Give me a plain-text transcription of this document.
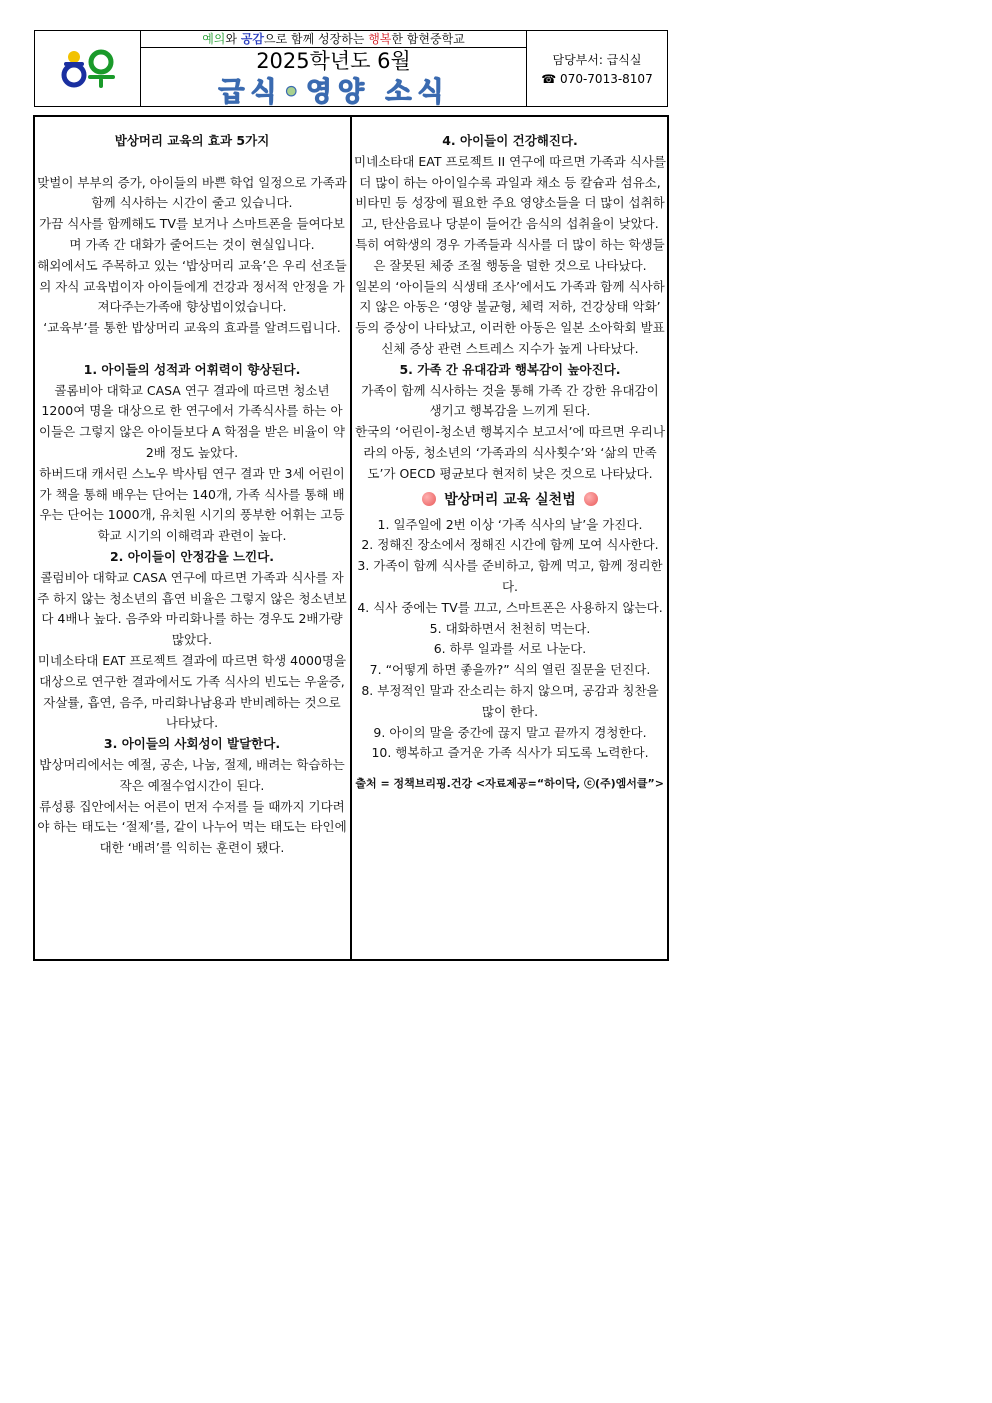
예의와 공감으로 함께 성장하는 행복한 함현중학교
2025학년도 6월
급식•영양 소식
담당부서: 급식실
☎ 070-7013-8107

밥상머리 교육의 효과 5가지

맞벌이 부부의 증가, 아이들의 바쁜 학업 일정으로 가족과 함께 식사하는 시간이 줄고 있습니다.

가끔 식사를 함께해도 TV를 보거나 스마트폰을 들여다보며 가족 간 대화가 줄어드는 것이 현실입니다.

해외에서도 주목하고 있는 ‘밥상머리 교육’은 우리 선조들의 자식 교육법이자 아이들에게 건강과 정서적 안정을 가져다주는가족애 향상법이었습니다.

‘교육부’를 통한 밥상머리 교육의 효과를 알려드립니다.

1. 아이들의 성적과 어휘력이 향상된다.

콜롬비아 대학교 CASA 연구 결과에 따르면 청소년 1200여 명을 대상으로 한 연구에서 가족식사를 하는 아이들은 그렇지 않은 아이들보다 A 학점을 받은 비율이 약 2배 정도 높았다.

하버드대 캐서린 스노우 박사팀 연구 결과 만 3세 어린이가 책을 통해 배우는 단어는 140개, 가족 식사를 통해 배우는 단어는 1000개, 유치원 시기의 풍부한 어휘는 고등학교 시기의 이해력과 관련이 높다.

2. 아이들이 안정감을 느낀다.

콜럼비아 대학교 CASA 연구에 따르면 가족과 식사를 자주 하지 않는 청소년의 흡연 비율은 그렇지 않은 청소년보다 4배나 높다. 음주와 마리화나를 하는 경우도 2배가량 많았다.

미네소타대 EAT 프로젝트 결과에 따르면 학생 4000명을 대상으로 연구한 결과에서도 가족 식사의 빈도는 우울증, 자살률, 흡연, 음주, 마리화나남용과 반비례하는 것으로 나타났다.

3. 아이들의 사회성이 발달한다.

밥상머리에서는 예절, 공손, 나눔, 절제, 배려는 학습하는 작은 예절수업시간이 된다.

류성룡 집안에서는 어른이 먼저 수저를 들 때까지 기다려야 하는 태도는 ‘절제’를, 같이 나누어 먹는 태도는 타인에 대한 ‘배려’를 익히는 훈련이 됐다.

4. 아이들이 건강해진다.

미네소타대 EAT 프로젝트 II 연구에 따르면 가족과 식사를 더 많이 하는 아이일수록 과일과 채소 등 칼슘과 섬유소, 비타민 등 성장에 필요한 주요 영양소들을 더 많이 섭취하고, 탄산음료나 당분이 들어간 음식의 섭취율이 낮았다.

특히 여학생의 경우 가족들과 식사를 더 많이 하는 학생들은 잘못된 체중 조절 행동을 덜한 것으로 나타났다.

일본의 ‘아이들의 식생태 조사’에서도 가족과 함께 식사하지 않은 아동은 ‘영양 불균형, 체력 저하, 건강상태 악화’ 등의 증상이 나타났고, 이러한 아동은 일본 소아학회 발표 신체 증상 관련 스트레스 지수가 높게 나타났다.

5. 가족 간 유대감과 행복감이 높아진다.

가족이 함께 식사하는 것을 통해 가족 간 강한 유대감이 생기고 행복감을 느끼게 된다.

한국의 ‘어린이-청소년 행복지수 보고서’에 따르면 우리나라의 아동, 청소년의 ‘가족과의 식사횟수’와 ‘삶의 만족도’가 OECD 평균보다 현저히 낮은 것으로 나타났다.

밥상머리 교육 실천법

1. 일주일에 2번 이상 ‘가족 식사의 날’을 가진다.

2. 정해진 장소에서 정해진 시간에 함께 모여 식사한다.

3. 가족이 함께 식사를 준비하고, 함께 먹고, 함께 정리한다.

4. 식사 중에는 TV를 끄고, 스마트폰은 사용하지 않는다.

5. 대화하면서 천천히 먹는다.

6. 하루 일과를 서로 나눈다.

7. “어떻게 하면 좋을까?” 식의 열린 질문을 던진다.

8. 부정적인 말과 잔소리는 하지 않으며, 공감과 칭찬을 많이 한다.

9. 아이의 말을 중간에 끊지 말고 끝까지 경청한다.

10. 행복하고 즐거운 가족 식사가 되도록 노력한다.

출처 = 정책브리핑.건강 <자료제공=“하이닥, ⓒ(주)엠서클”>
